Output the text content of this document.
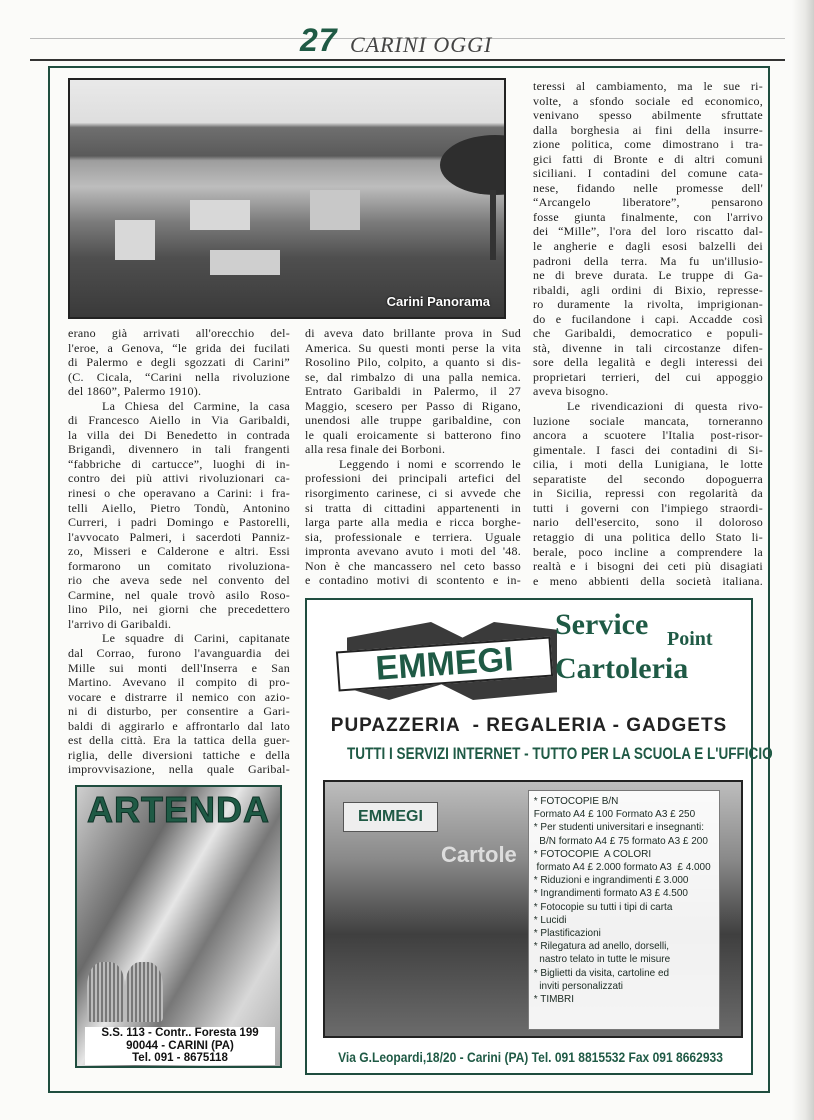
27 CARINI OGGI
Carini Panorama
erano già arrivati all'orecchio del-
l'eroe, a Genova, “le grida dei fucilati
di Palermo e degli sgozzati di Carini”
(C. Cicala, “Carini nella rivoluzione
del 1860”, Palermo 1910).
La Chiesa del Carmine, la casa
di Francesco Aiello in Via Garibaldi,
la villa dei Di Benedetto in contrada
Brigandì, divennero in tali frangenti
“fabbriche di cartucce”, luoghi di in-
contro dei più attivi rivoluzionari ca-
rinesi o che operavano a Carini: i fra-
telli Aiello, Pietro Tondù, Antonino
Curreri, i padri Domingo e Pastorelli,
l'avvocato Palmeri, i sacerdoti Panniz-
zo, Misseri e Calderone e altri. Essi
formarono un comitato rivoluziona-
rio che aveva sede nel convento del
Carmine, nel quale trovò asilo Roso-
lino Pilo, nei giorni che precedettero
l'arrivo di Garibaldi.
Le squadre di Carini, capitanate
dal Corrao, furono l'avanguardia dei
Mille sui monti dell'Inserra e San
Martino. Avevano il compito di pro-
vocare e distrarre il nemico con azio-
ni di disturbo, per consentire a Gari-
baldi di aggirarlo e affrontarlo dal lato
est della città. Era la tattica della guer-
riglia, delle diversioni tattiche e della
improvvisazione, nella quale Garibal-
di aveva dato brillante prova in Sud
America. Su questi monti perse la vita
Rosolino Pilo, colpito, a quanto si dis-
se, dal rimbalzo di una palla nemica.
Entrato Garibaldi in Palermo, il 27
Maggio, scesero per Passo di Rigano,
unendosi alle truppe garibaldine, con
le quali eroicamente si batterono fino
alla resa finale dei Borboni.
Leggendo i nomi e scorrendo le
professioni dei principali artefici del
risorgimento carinese, ci si avvede che
si tratta di cittadini appartenenti in
larga parte alla media e ricca borghe-
sia, professionale e terriera. Uguale
impronta avevano avuto i moti del '48.
Non è che mancassero nel ceto basso
e contadino motivi di scontento e in-
teressi al cambiamento, ma le sue ri-
volte, a sfondo sociale ed economico,
venivano spesso abilmente sfruttate
dalla borghesia ai fini della insurre-
zione politica, come dimostrano i tra-
gici fatti di Bronte e di altri comuni
siciliani. I contadini del comune cata-
nese, fidando nelle promesse dell'
“Arcangelo liberatore”, pensarono
fosse giunta finalmente, con l'arrivo
dei “Mille”, l'ora del loro riscatto dal-
le angherie e dagli esosi balzelli dei
padroni della terra. Ma fu un'illusio-
ne di breve durata. Le truppe di Ga-
ribaldi, agli ordini di Bixio, represse-
ro duramente la rivolta, imprigionan-
do e fucilandone i capi. Accadde così
che Garibaldi, democratico e populi-
stà, divenne in tali circostanze difen-
sore della legalità e degli interessi dei
proprietari terrieri, del cui appoggio
aveva bisogno.
Le rivendicazioni di questa rivo-
luzione sociale mancata, torneranno
ancora a scuotere l'Italia post-risor-
gimentale. I fasci dei contadini di Si-
cilia, i moti della Lunigiana, le lotte
separatiste del secondo dopoguerra
in Sicilia, repressi con regolarità da
tutti i governi con l'impiego straordi-
nario dell'esercito, sono il doloroso
retaggio di una politica dello Stato li-
berale, poco incline a comprendere la
realtà e i bisogni dei ceti più disagiati
e meno abbienti della società italiana.
EMMEGI
Service Point
Cartoleria
PUPAZZERIA  - REGALERIA - GADGETS
TUTTI I SERVIZI INTERNET - TUTTO PER LA SCUOLA E L'UFFICIO
EMMEGI
Cartole
* FOTOCOPIE B/N
Formato A4 £ 100 Formato A3 £ 250
* Per studenti universitari e insegnanti:
B/N formato A4 £ 75 formato A3 £ 200
* FOTOCOPIE  A COLORI
formato A4 £ 2.000 formato A3  £ 4.000
* Riduzioni e ingrandimenti £ 3.000
* Ingrandimenti formato A3 £ 4.500
* Fotocopie su tutti i tipi di carta
* Lucidi
* Plastificazioni
* Rilegatura ad anello, dorselli,
nastro telato in tutte le misure
* Biglietti da visita, cartoline ed
inviti personalizzati
* TIMBRI
Via G.Leopardi,18/20 - Carini (PA) Tel. 091 8815532 Fax 091 8662933
ARTENDA
S.S. 113 - Contr.. Foresta 199
90044 - CARINI (PA)
Tel. 091 - 8675118
